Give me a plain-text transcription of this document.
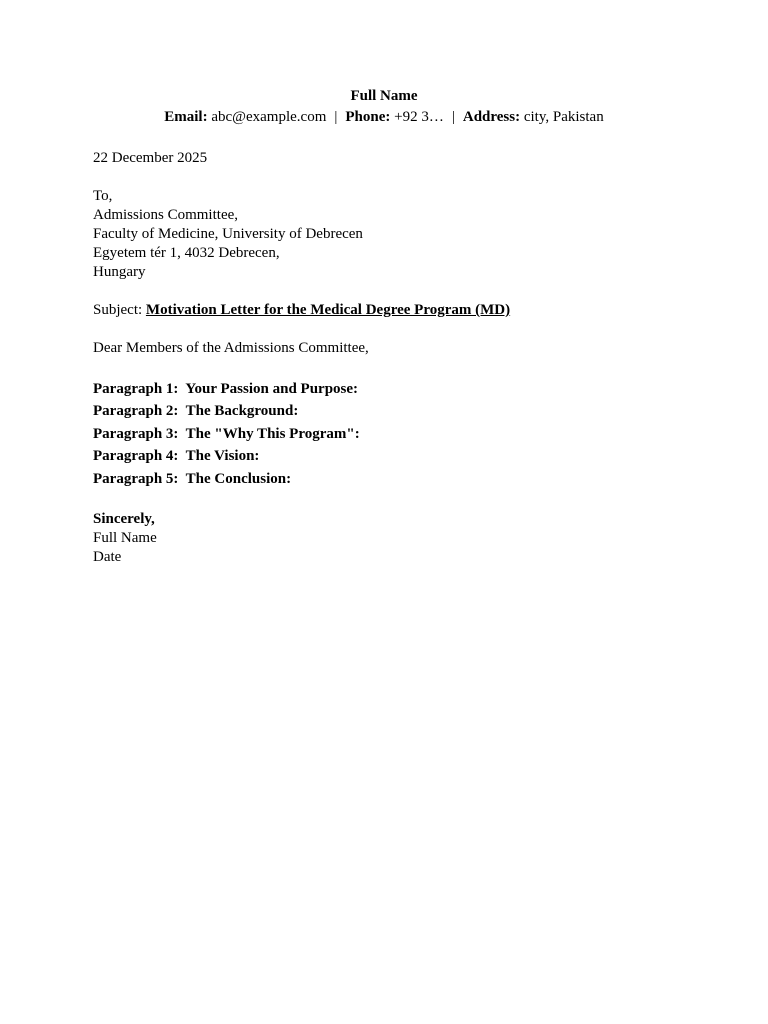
Full Name
Email: abc@example.com | Phone: +92 3… | Address: city, Pakistan
22 December 2025
To,
Admissions Committee,
Faculty of Medicine, University of Debrecen
Egyetem tér 1, 4032 Debrecen,
Hungary
Subject: Motivation Letter for the Medical Degree Program (MD)
Dear Members of the Admissions Committee,
Paragraph 1: Your Passion and Purpose:
Paragraph 2: The Background:
Paragraph 3: The "Why This Program":
Paragraph 4: The Vision:
Paragraph 5: The Conclusion:
Sincerely,
Full Name
Date
